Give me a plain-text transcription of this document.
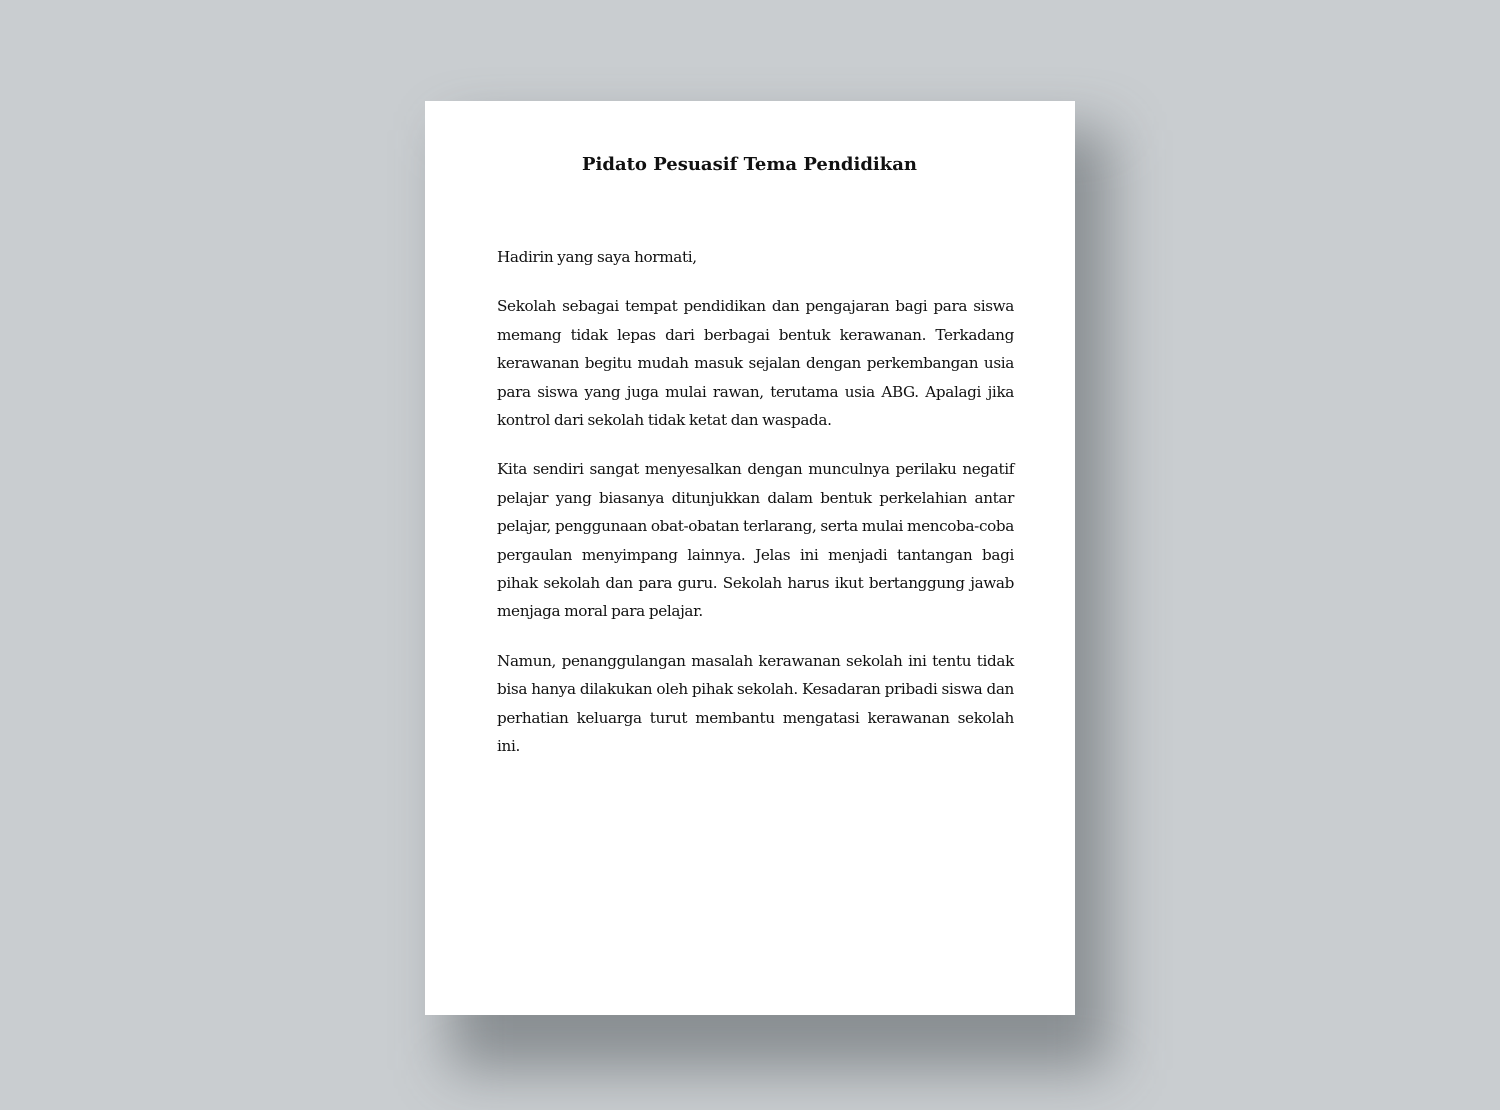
Pidato Pesuasif Tema Pendidikan

Hadirin yang saya hormati,

Sekolah sebagai tempat pendidikan dan pengajaran bagi para siswa memang tidak lepas dari berbagai bentuk kerawanan. Terkadang kerawanan begitu mudah masuk sejalan dengan perkembangan usia para siswa yang juga mulai rawan, terutama usia ABG. Apalagi jika kontrol dari sekolah tidak ketat dan waspada.

Kita sendiri sangat menyesalkan dengan munculnya perilaku negatif pelajar yang biasanya ditunjukkan dalam bentuk perkelahian antar pelajar, penggunaan obat-obatan terlarang, serta mulai mencoba-coba pergaulan menyimpang lainnya. Jelas ini menjadi tantangan bagi pihak sekolah dan para guru. Sekolah harus ikut bertanggung jawab menjaga moral para pelajar.

Namun, penanggulangan masalah kerawanan sekolah ini tentu tidak bisa hanya dilakukan oleh pihak sekolah. Kesadaran pribadi siswa dan perhatian keluarga turut membantu mengatasi kerawanan sekolah ini.
